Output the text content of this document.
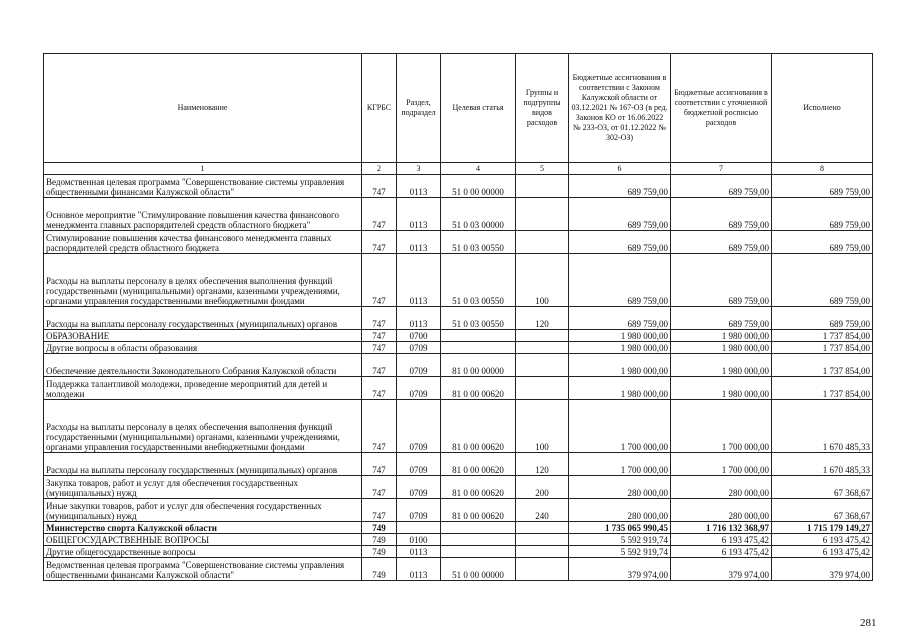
Наименование	КГРБС	Раздел, подраздел	Целевая статья	Группы и подгруппы видов расходов	Бюджетные ассигнования в соответствии с Законом Калужской области от 03.12.2021 № 167-ОЗ (в ред. Законов КО от 16.06.2022 № 233-ОЗ, от 01.12.2022 № 302-ОЗ)	Бюджетные ассигнования в соответствии с уточненной бюджетной росписью расходов	Исполнено
1	2	3	4	5	6	7	8
Ведомственная целевая программа "Совершенствование системы управления общественными финансами Калужской области"	747	0113	51 0 00 00000		689 759,00	689 759,00	689 759,00
Основное мероприятие "Стимулирование повышения качества финансового менеджмента главных распорядителей средств областного бюджета"	747	0113	51 0 03 00000		689 759,00	689 759,00	689 759,00
Стимулирование повышения качества финансового менеджмента главных распорядителей средств областного бюджета	747	0113	51 0 03 00550		689 759,00	689 759,00	689 759,00
Расходы на выплаты персоналу в целях обеспечения выполнения функций государственными (муниципальными) органами, казенными учреждениями, органами управления государственными внебюджетными фондами	747	0113	51 0 03 00550	100	689 759,00	689 759,00	689 759,00
Расходы на выплаты персоналу государственных (муниципальных) органов	747	0113	51 0 03 00550	120	689 759,00	689 759,00	689 759,00
ОБРАЗОВАНИЕ	747	0700			1 980 000,00	1 980 000,00	1 737 854,00
Другие вопросы в области образования	747	0709			1 980 000,00	1 980 000,00	1 737 854,00
Обеспечение деятельности Законодательного Собрания Калужской области	747	0709	81 0 00 00000		1 980 000,00	1 980 000,00	1 737 854,00
Поддержка талантливой молодежи, проведение мероприятий для детей и молодежи	747	0709	81 0 00 00620		1 980 000,00	1 980 000,00	1 737 854,00
Расходы на выплаты персоналу в целях обеспечения выполнения функций государственными (муниципальными) органами, казенными учреждениями, органами управления государственными внебюджетными фондами	747	0709	81 0 00 00620	100	1 700 000,00	1 700 000,00	1 670 485,33
Расходы на выплаты персоналу государственных (муниципальных) органов	747	0709	81 0 00 00620	120	1 700 000,00	1 700 000,00	1 670 485,33
Закупка товаров, работ и услуг для обеспечения государственных (муниципальных) нужд	747	0709	81 0 00 00620	200	280 000,00	280 000,00	67 368,67
Иные закупки товаров, работ и услуг для обеспечения государственных (муниципальных) нужд	747	0709	81 0 00 00620	240	280 000,00	280 000,00	67 368,67
Министерство спорта Калужской области	749				1 735 065 990,45	1 716 132 368,97	1 715 179 149,27
ОБЩЕГОСУДАРСТВЕННЫЕ ВОПРОСЫ	749	0100			5 592 919,74	6 193 475,42	6 193 475,42
Другие общегосударственные вопросы	749	0113			5 592 919,74	6 193 475,42	6 193 475,42
Ведомственная целевая программа "Совершенствование системы управления общественными финансами Калужской области"	749	0113	51 0 00 00000		379 974,00	379 974,00	379 974,00
281
